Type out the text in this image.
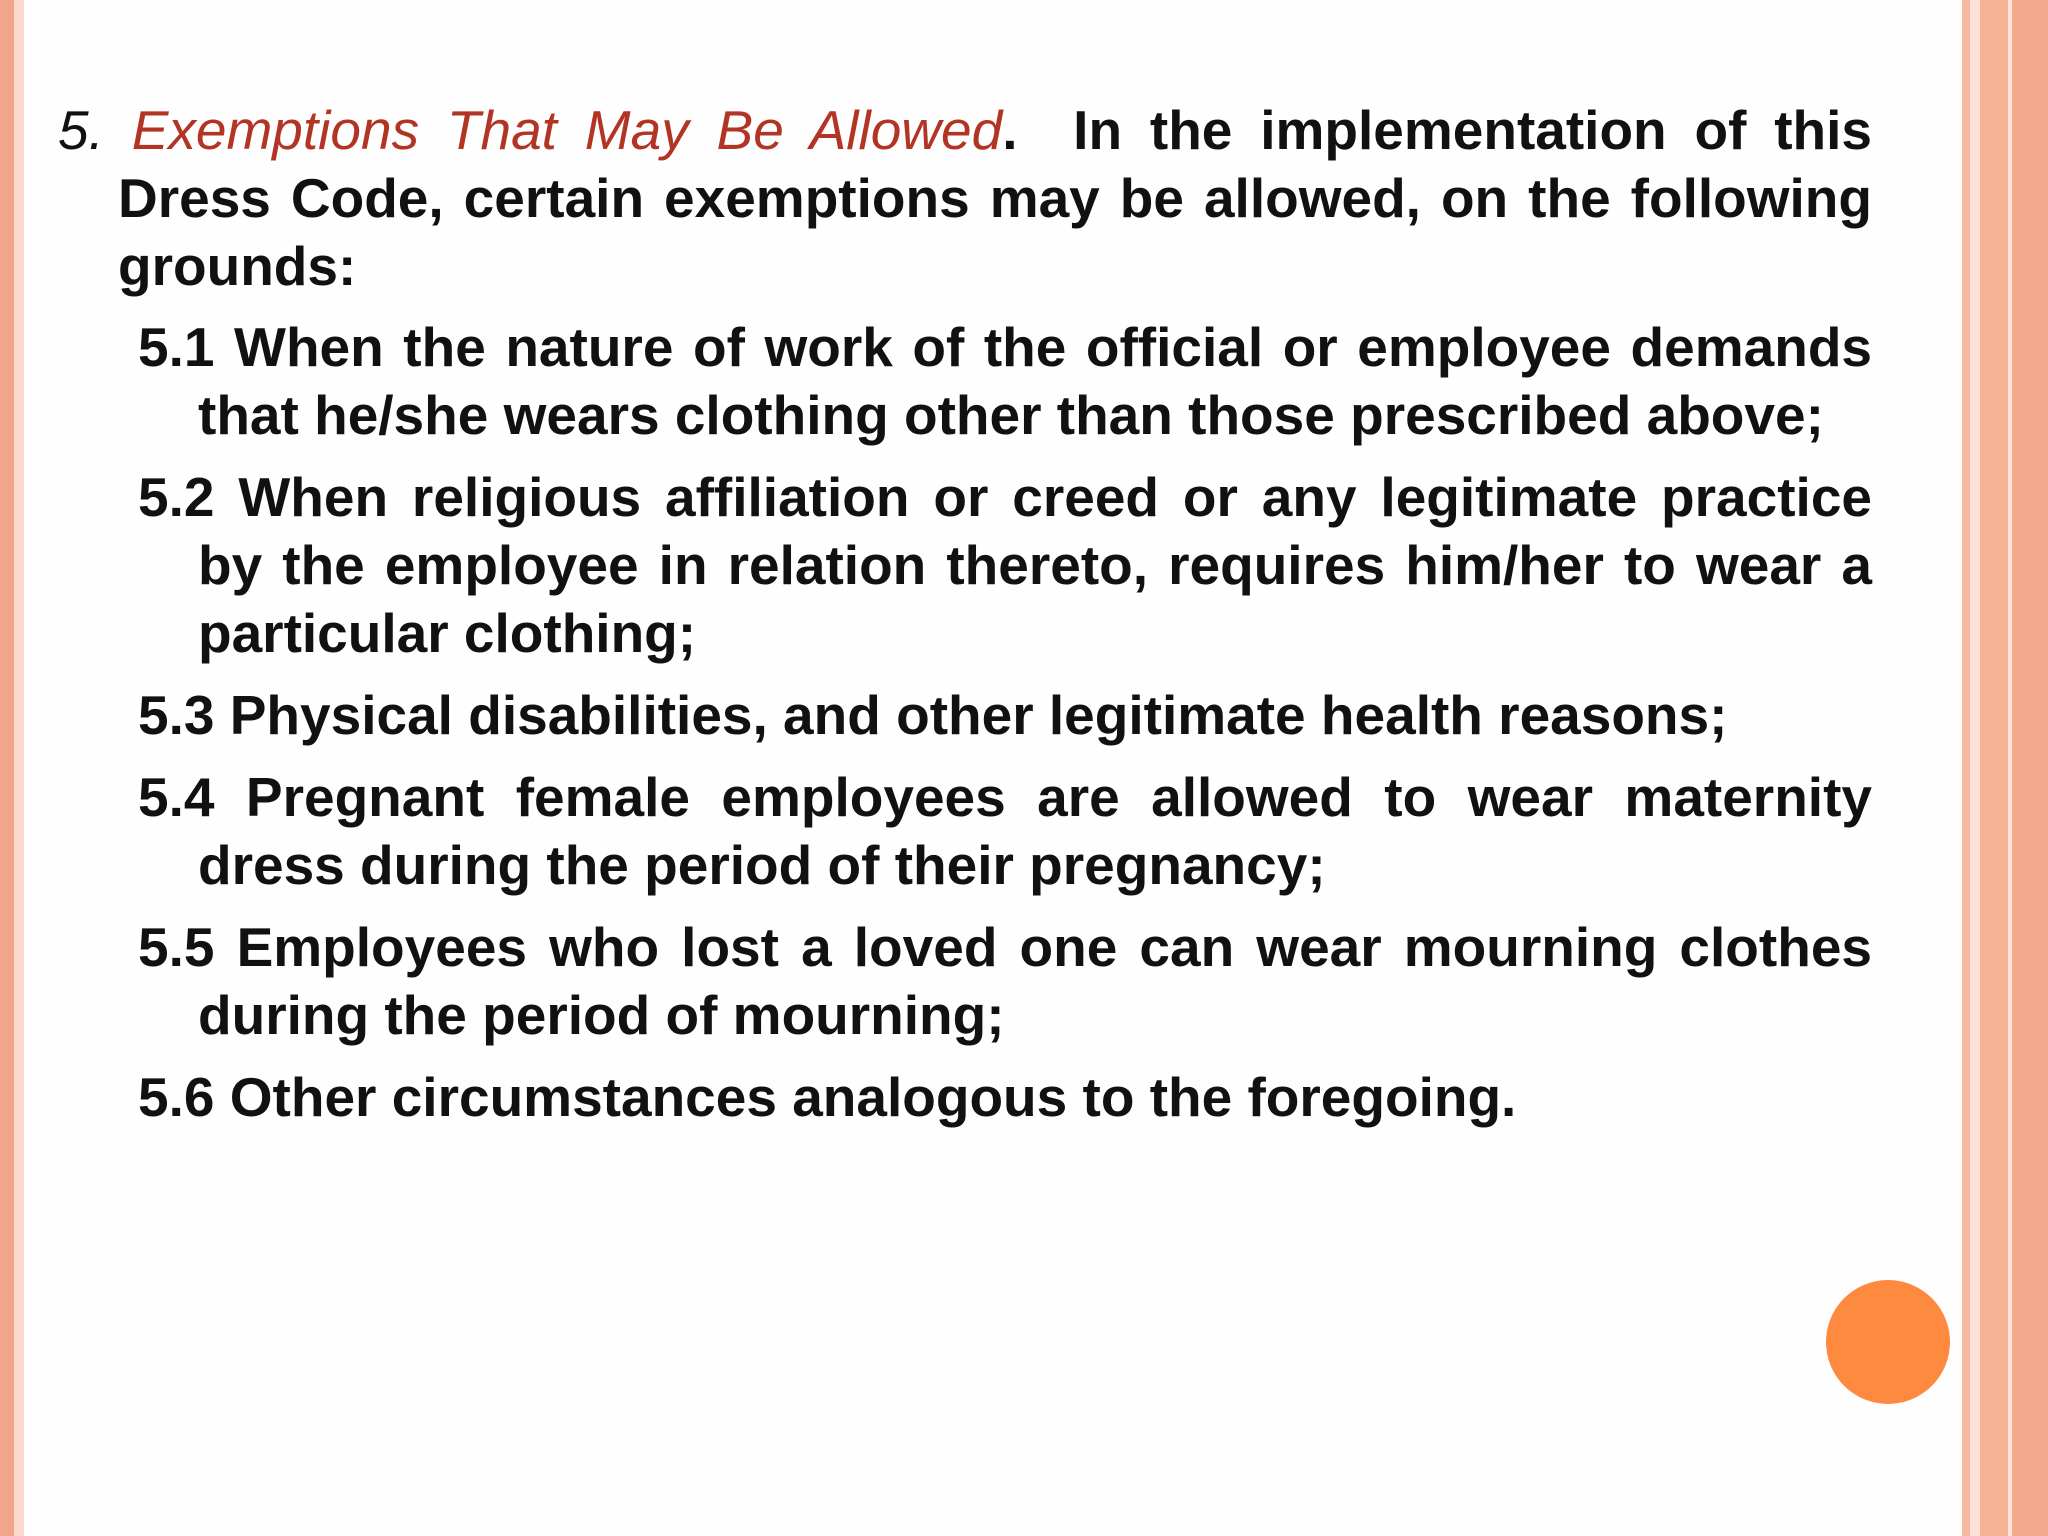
5. Exemptions That May Be Allowed. In the implementation of this Dress Code, certain exemptions may be allowed, on the following grounds:

5.1 When the nature of work of the official or employee demands that he/she wears clothing other than those prescribed above;

5.2 When religious affiliation or creed or any legitimate practice by the employee in relation thereto, requires him/her to wear a particular clothing;

5.3 Physical disabilities, and other legitimate health reasons;

5.4 Pregnant female employees are allowed to wear maternity dress during the period of their pregnancy;

5.5 Employees who lost a loved one can wear mourning clothes during the period of mourning;

5.6 Other circumstances analogous to the foregoing.
